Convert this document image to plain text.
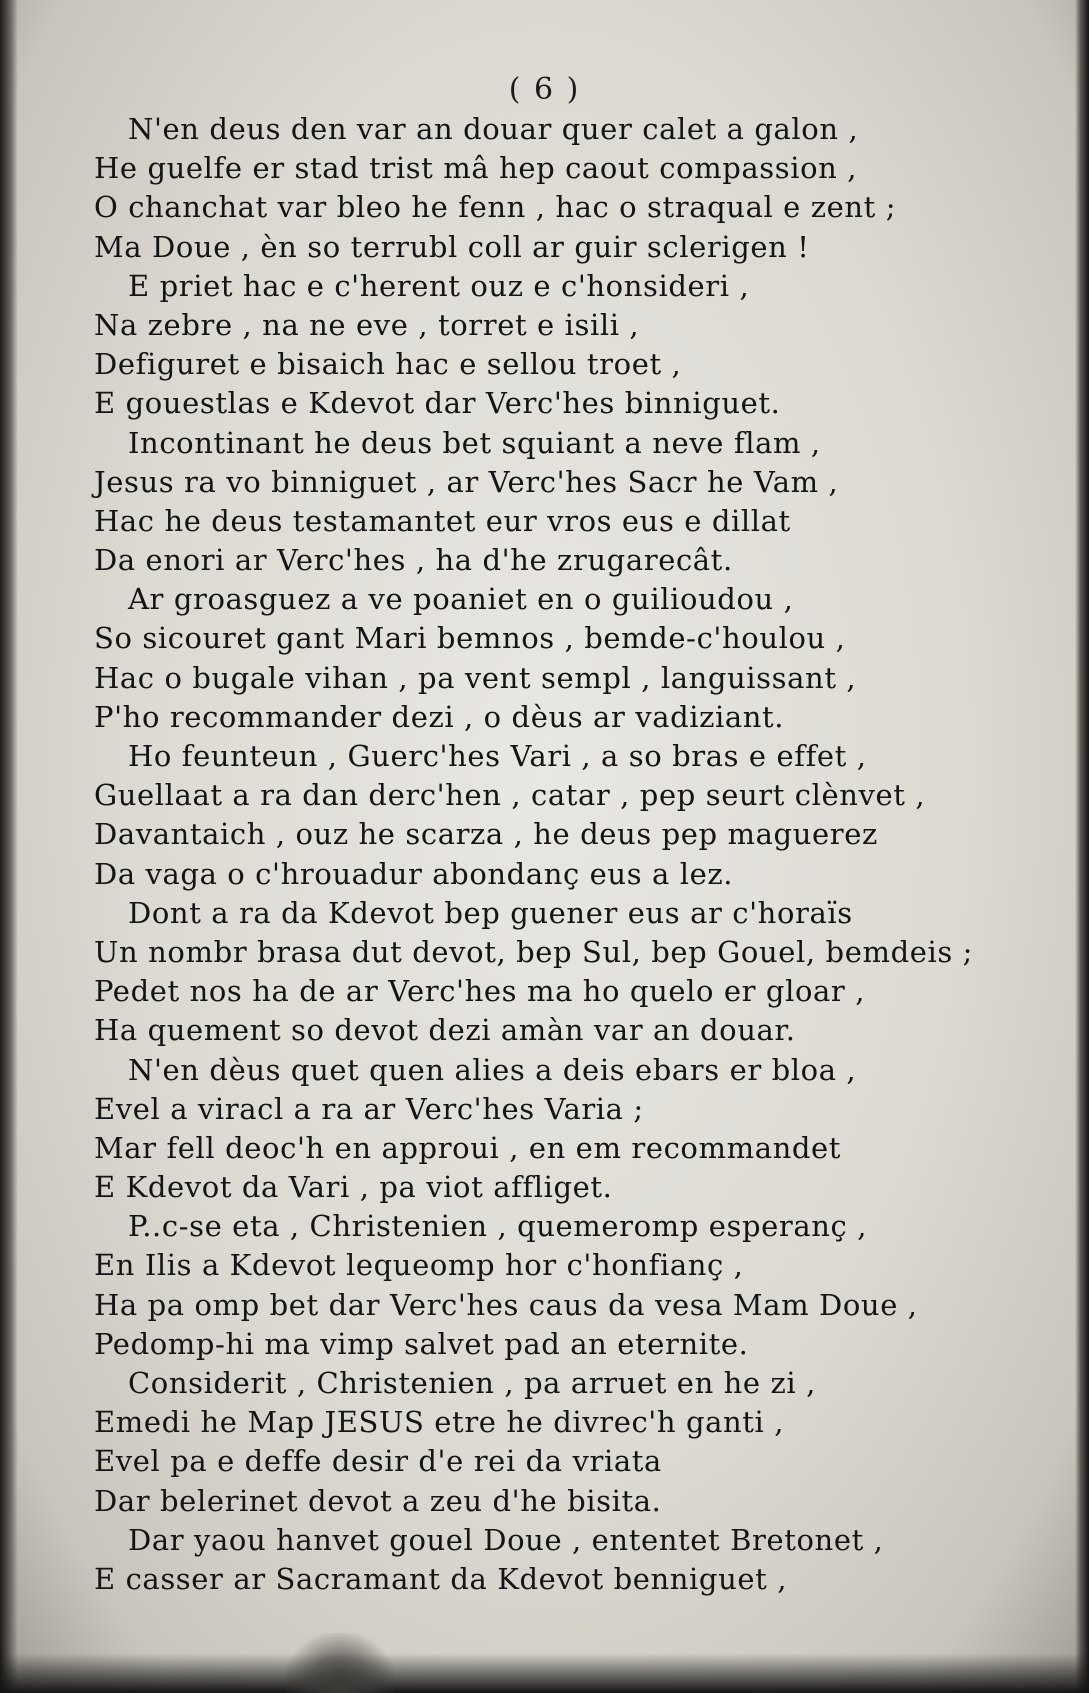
( 6 )
N'en deus den var an douar quer calet a galon ,
He guelfe er stad trist mâ hep caout compassion ,
O chanchat var bleo he fenn , hac o straqual e zent ;
Ma Doue , èn so terrubl coll ar guir sclerigen !
E priet hac e c'herent ouz e c'honsideri ,
Na zebre , na ne eve , torret e isili ,
Defiguret e bisaich hac e sellou troet ,
E gouestlas e Kdevot dar Verc'hes binniguet.
Incontinant he deus bet squiant a neve flam ,
Jesus ra vo binniguet , ar Verc'hes Sacr he Vam ,
Hac he deus testamantet eur vros eus e dillat
Da enori ar Verc'hes , ha d'he zrugarecât.
Ar groasguez a ve poaniet en o guilioudou ,
So sicouret gant Mari bemnos , bemde-c'houlou ,
Hac o bugale vihan , pa vent sempl , languissant ,
P'ho recommander dezi , o dèus ar vadiziant.
Ho feunteun , Guerc'hes Vari , a so bras e effet ,
Guellaat a ra dan derc'hen , catar , pep seurt clènvet ,
Davantaich , ouz he scarza , he deus pep maguerez
Da vaga o c'hrouadur abondanç eus a lez.
Dont a ra da Kdevot bep guener eus ar c'horaïs
Un nombr brasa dut devot, bep Sul, bep Gouel, bemdeis ;
Pedet nos ha de ar Verc'hes ma ho quelo er gloar ,
Ha quement so devot dezi amàn var an douar.
N'en dèus quet quen alies a deis ebars er bloa ,
Evel a viracl a ra ar Verc'hes Varia ;
Mar fell deoc'h en approui , en em recommandet
E Kdevot da Vari , pa viot affliget.
P..c-se eta , Christenien , quemeromp esperanç ,
En Ilis a Kdevot lequeomp hor c'honfianç ,
Ha pa omp bet dar Verc'hes caus da vesa Mam Doue ,
Pedomp-hi ma vimp salvet pad an eternite.
Considerit , Christenien , pa arruet en he zi ,
Emedi he Map JESUS etre he divrec'h ganti ,
Evel pa e deffe desir d'e rei da vriata
Dar belerinet devot a zeu d'he bisita.
Dar yaou hanvet gouel Doue , ententet Bretonet ,
E casser ar Sacramant da Kdevot benniguet ,
